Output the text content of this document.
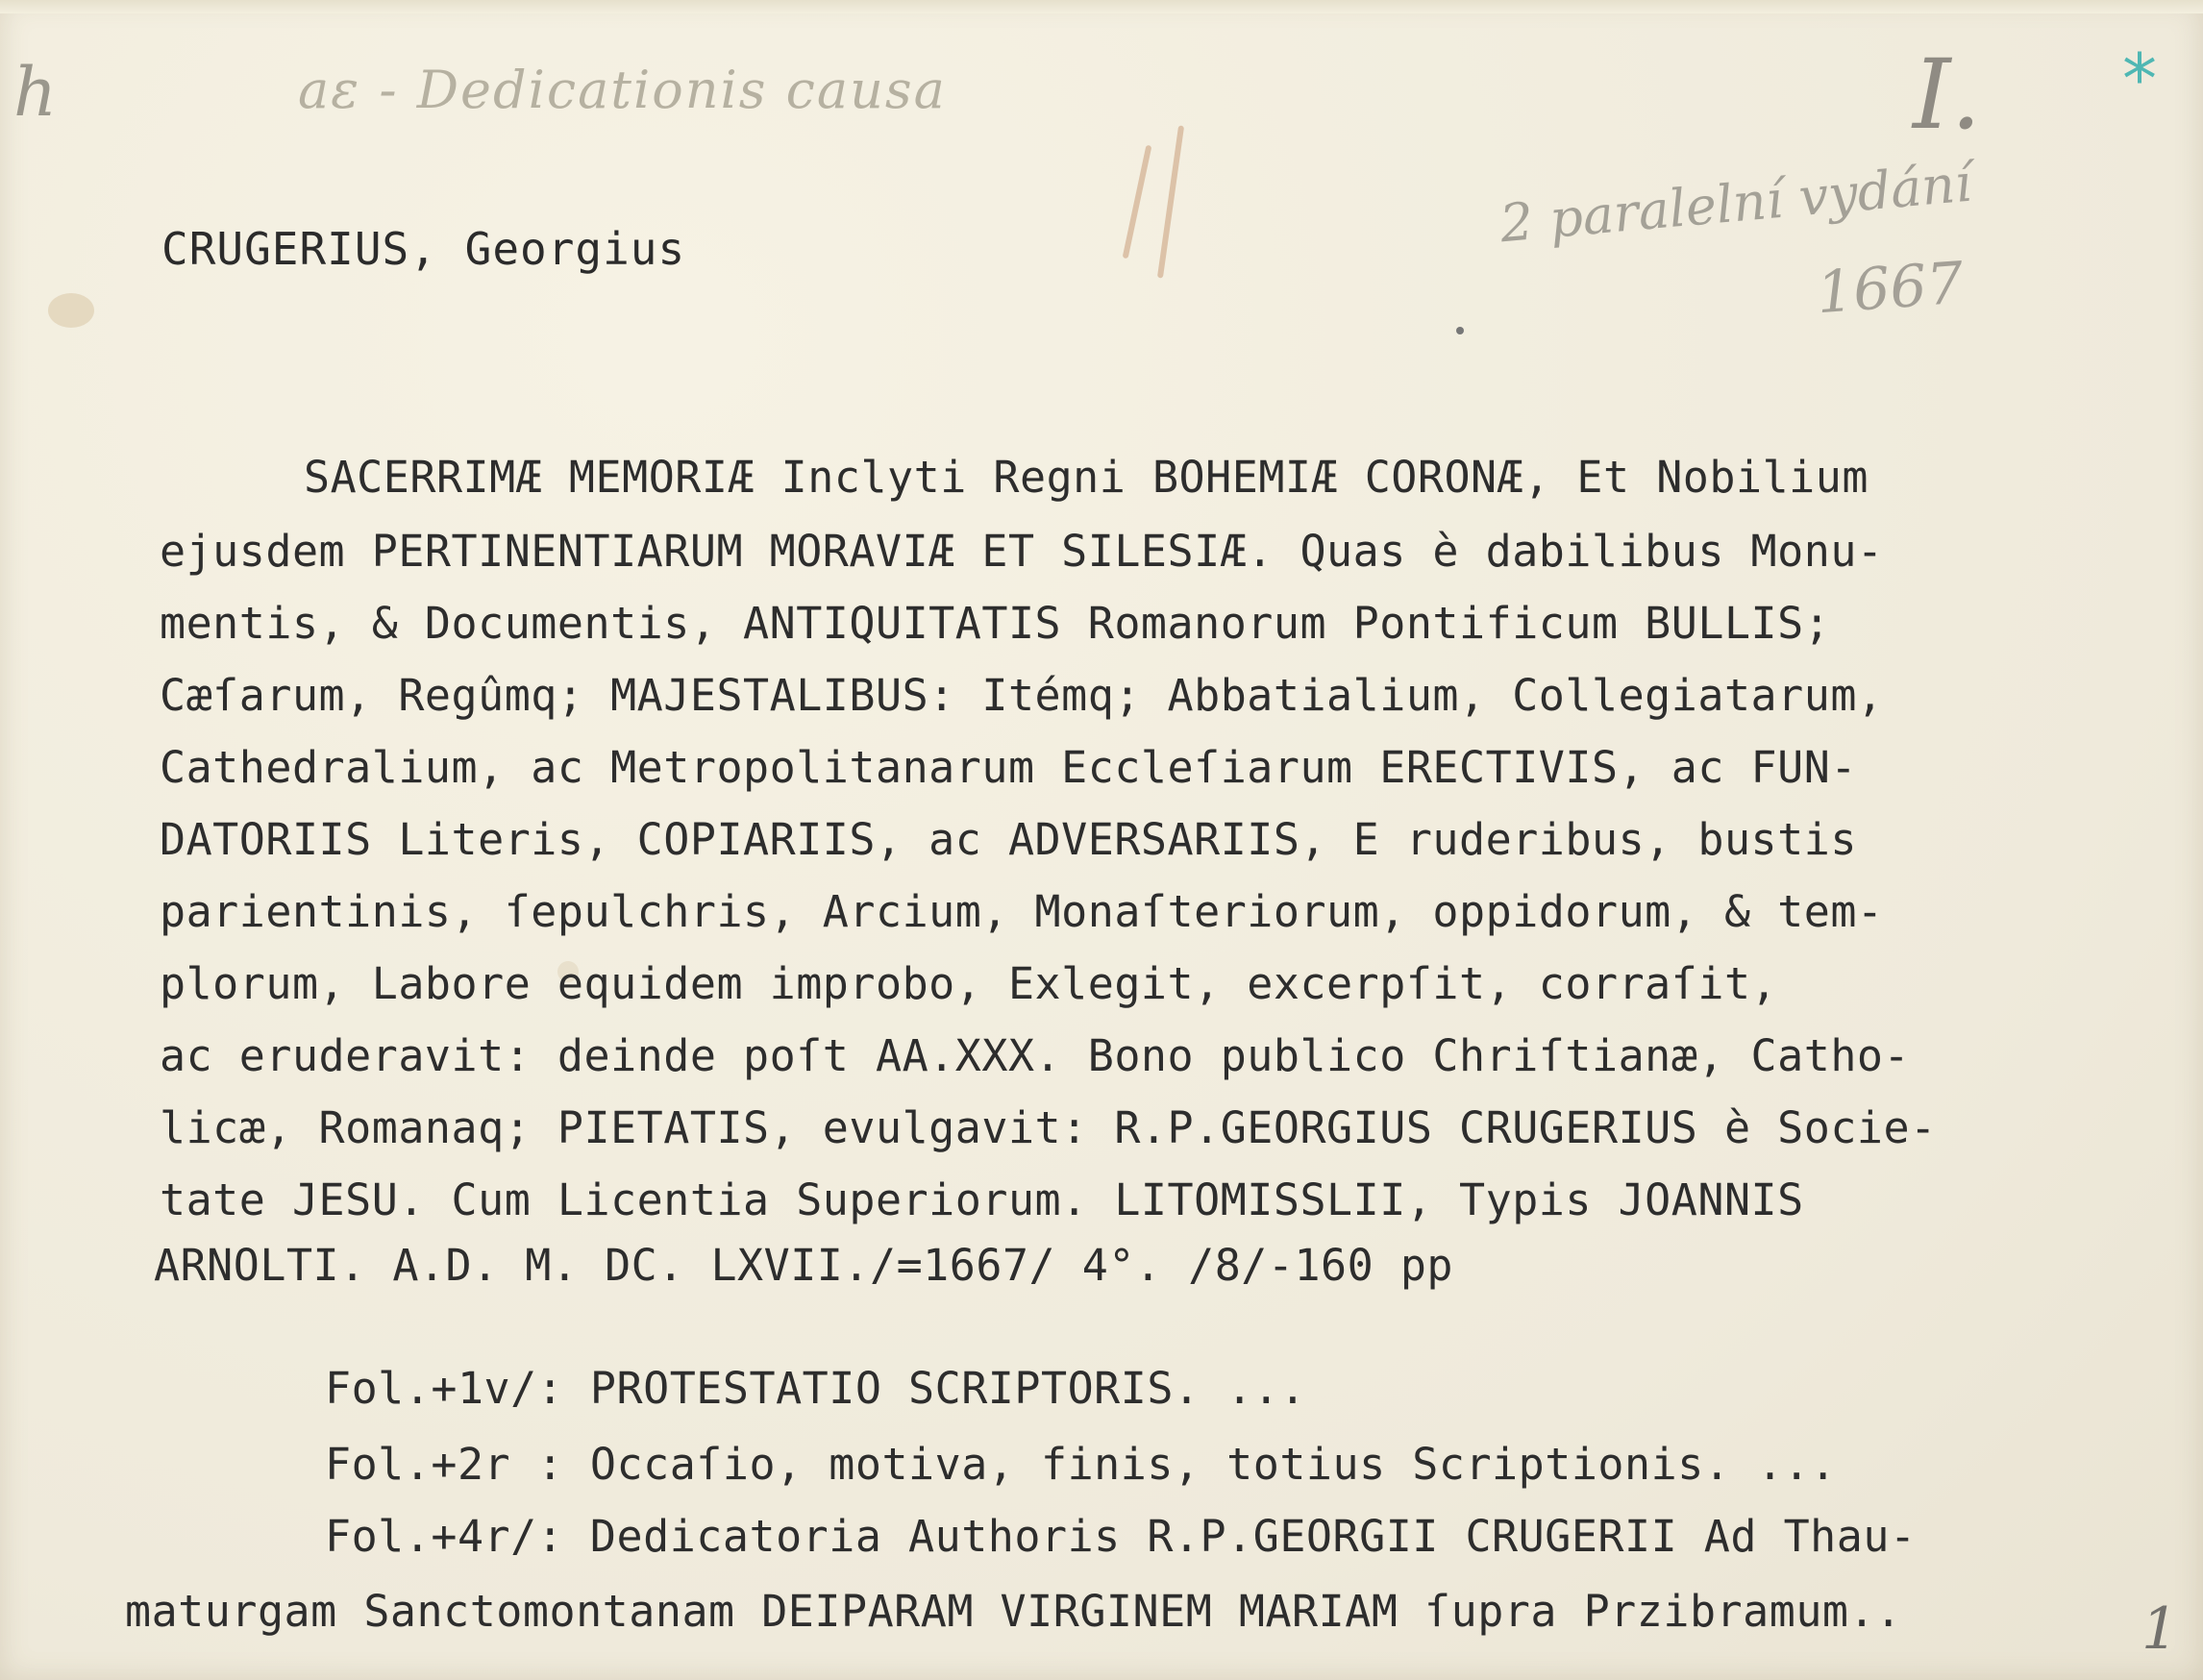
h	aε - Dedicationis causa	I. *
2 paralelní vydání
1667
1
CRUGERIUS, Georgius
SACERRIMÆ MEMORIÆ Inclyti Regni BOHEMIÆ CORONÆ, Et Nobilium
ejusdem PERTINENTIARUM MORAVIÆ ET SILESIÆ. Quas è dabilibus Monu-
mentis, & Documentis, ANTIQUITATIS Romanorum Pontificum BULLIS;
Cæſarum, Regûmq; MAJESTALIBUS: Itémq; Abbatialium, Collegiatarum,
Cathedralium, ac Metropolitanarum Eccleſiarum ERECTIVIS, ac FUN-
DATORIIS Literis, COPIARIIS, ac ADVERSARIIS, E ruderibus, bustis
parientinis, ſepulchris, Arcium, Monaſteriorum, oppidorum, & tem-
plorum, Labore equidem improbo, Exlegit, excerpſit, corraſit,
ac eruderavit: deinde poſt AA.XXX. Bono publico Chriſtianæ, Catho-
licæ, Romanaq; PIETATIS, evulgavit: R.P.GEORGIUS CRUGERIUS è Socie-
tate JESU. Cum Licentia Superiorum. LITOMISSLII, Typis JOANNIS
ARNOLTI. A.D. M. DC. LXVII./=1667/ 4°. /8/-160 pp
Fol.+1v/: PROTESTATIO SCRIPTORIS. ...
Fol.+2r : Occaſio, motiva, finis, totius Scriptionis. ...
Fol.+4r/: Dedicatoria Authoris R.P.GEORGII CRUGERII Ad Thau-
maturgam Sanctomontanam DEIPARAM VIRGINEM MARIAM ſupra Przibramum..
